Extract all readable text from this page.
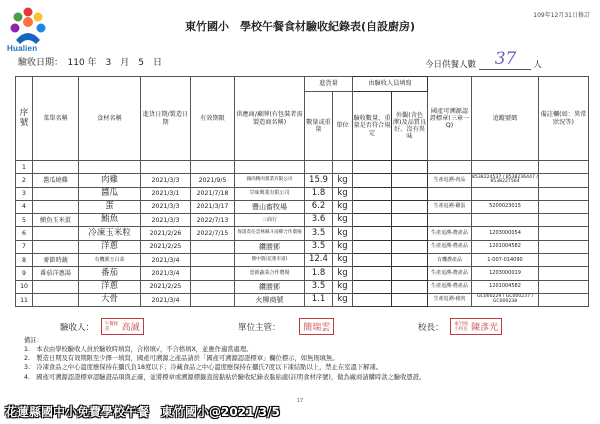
Hualien
109年12月31日修訂
東竹國小　學校午餐食材驗收紀錄表(自設廚房)
驗收日期：　110 年　3　月　5　日	今日供餐人數 37 人
序號	菜單名稱	食材名稱	進貨日期/製造日期	有效期限	供應商/廠牌(有包裝者需製造商名稱)	進貨量		由驗收人員填寫		國產可溯源認證標章(三章一Q)	追蹤號碼	備註欄(如：異常狀況等)
						數量或重量	單位	驗收數量、重量是否符合規定	外觀(含色澤)及品質良好、沒有異味			
1												
2	醬瓜燒雞	肉雞	2021/3/3	2021/9/5	國尚精肉實業有限公司	15.9	kg			生產追溯-肉品	8538224537 / 8538236447 / 8538227564	
3		醬瓜	2021/3/1	2021/7/18	甘味興業有限公司	1.8	kg					
4		蛋	2021/3/3	2021/3/17	豐山畜牧場	6.2	kg			生產追溯-雞蛋	5200023015	
5	鮪魚玉米蛋	鮪魚	2021/3/3	2022/7/13	三商行	3.6	kg					
6		冷凍玉米粒	2021/2/26	2022/7/15	保證責任雲林縣斗南鄉合作農場	3.5	kg			生產追溯-農產品	1203000054	
7		洋蔥	2021/2/25		鑽勝鄧	3.5	kg			生產追溯-農產品	1201004582	
8	麥節時蔬	有機栗玉白菜	2021/3/4		勝中農(花蓮市道)	12.4	kg			有機農產品	1-007-014090	
9	番茄洋蔥湯	番茄	2021/3/4		壹新蔬菜合作農場	1.8	kg			生產追溯-農產品	1203000019	
10		洋蔥	2021/2/25		鑽勝鄧	3.5	kg			生產追溯-農產品	1201004582	
11		大骨	2021/3/4		火柳商號	1.1	kg			生產追溯-豬肉	GC000229 / GC000237 / GC000238	
驗收人： 午餐秘書 高誠	單位主管：	簡瑞雲	校長： 東竹國小校長 陳彥光
備註：
1.　本表由學校驗收人員於驗收時填寫，合格填√，不合格填X，並應作適當處理。
2.　製造日期及有效期限至少擇一填寫，國產可溯源之產品請於「國產可溯源認證標章」欄位標示，如無則填無。
3.　冷凍食品之中心溫度應保持在攝氏負18度以下；冷藏食品之中心溫度應保持在攝氏7度以下凍結點以上，禁止在室溫下解凍。
4.　國產可溯源認證標章認驗證品項與正確，並將標章或溯源標籤直接黏貼於驗收紀錄表黏貼處(註明食材序號)，做為廠商請購時款之驗收憑證。
17
花蓮縣國中小免費學校午餐　東竹國小@2021/3/5
